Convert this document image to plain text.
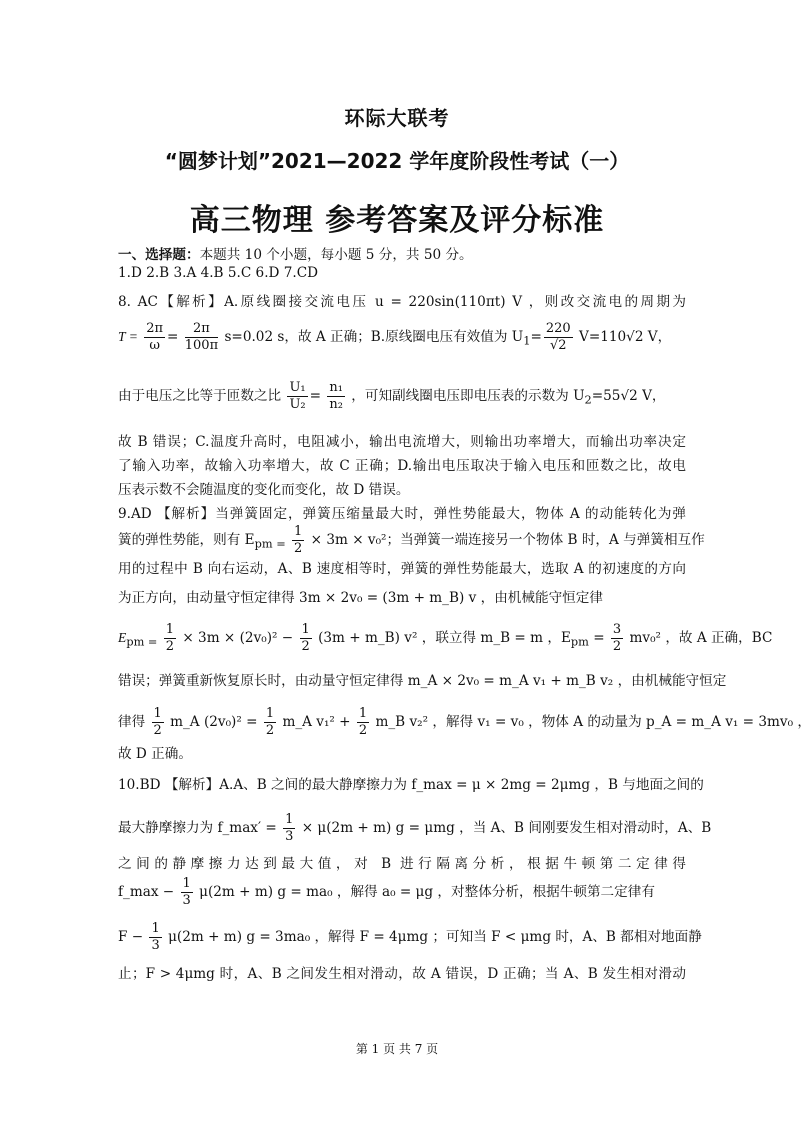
环际大联考
“圆梦计划”2021—2022 学年度阶段性考试（一）
高三物理 参考答案及评分标准
一、选择题：本题共 10 个小题，每小题 5 分，共 50 分。
1.D 2.B 3.A 4.B 5.C 6.D 7.CD
8. AC【解析】A.原线圈接交流电压 u = 220sin(110πt) V ，则改交流电的周期为
$T = \frac{2\pi}{\omega} = \frac{2\pi}{100\pi} s=0.02$ s，故 A 正确；B.原线圈电压有效值为 $U_1= \frac{220}{√2} V=110√2$ V，
由于电压之比等于匝数之比 $\frac{\text{U₁}}{\text{U₂}} = \frac{\text{n₁}}{\text{n₂}}$ ，可知副线圈电压即电压表的示数为 $U_2=55√2$ V，
故 B 错误；C.温度升高时，电阻减小，输出电流增大，则输出功率增大，而输出功率决定
了输入功率，故输入功率增大，故 C 正确；D.输出电压取决于输入电压和匝数之比，故电
压表示数不会随温度的变化而变化，故 D 错误。
9.AD 【解析】当弹簧固定，弹簧压缩量最大时，弹性势能最大，物体 A 的动能转化为弹
簧的弹性势能，则有 $E_{pm =} \frac{1}{2} \times 3m \times v_0^2$；当弹簧一端连接另一个物体 B 时，A 与弹簧相互作
用的过程中 B 向右运动，A、B 速度相等时，弹簧的弹性势能最大，选取 A 的初速度的方向
为正方向，由动量守恒定律得 3m × 2v₀ = (3m + m_B) v ，由机械能守恒定律
$E_{pm =} \frac{1}{2} \times 3m \times (2v_0)^2 - \frac{1}{2} (3m$ + m_B) v² ，联立得 m_B = m ，$E_{pm} = \frac{3}{2} mv_0^2$ ，故 A 正确，BC
错误；弹簧重新恢复原长时，由动量守恒定律得 m_A × 2v₀ = m_A v₁ + m_B v₂ ，由机械能守恒定
律得 $\frac{1}{2}$ m_A $(2v_0)^2 = \frac{1}{2}$ m_A $v_1^2 + \frac{1}{2}$ m_B v₂² ，解得 v₁ = v₀ ，物体 A 的动量为 p_A = m_A v₁ = 3mv₀ ，
故 D 正确。
10.BD 【解析】A.A、B 之间的最大静摩擦力为 f_max = μ × 2mg = 2μmg ，B 与地面之间的
最大静摩擦力为 f_max′ = $\frac{1}{3} \times \mu(2m + m) g = \mu mg$ ，当 A、B 间刚要发生相对滑动时，A、B
之间的静摩擦力达到最大值，对 B 进行隔离分析，根据牛顿第二定律得
f_max − $\frac{1}{3} \mu(2m + m) g = ma_0$ ，解得 a₀ = μg ，对整体分析，根据牛顿第二定律有
$F - \frac{1}{3} \mu(2m + m) g = 3ma_0$ ，解得 F = 4μmg ；可知当 F < μmg 时，A、B 都相对地面静
止；F > 4μmg 时，A、B 之间发生相对滑动，故 A 错误，D 正确；当 A、B 发生相对滑动
第 1 页 共 7 页
